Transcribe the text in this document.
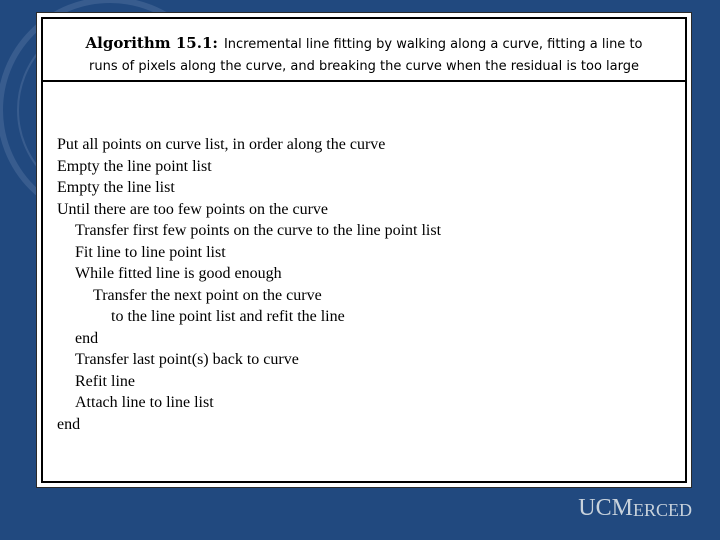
Algorithm 15.1: Incremental line fitting by walking along a curve, fitting a line to
runs of pixels along the curve, and breaking the curve when the residual is too large
Put all points on curve list, in order along the curve
Empty the line point list
Empty the line list
Until there are too few points on the curve
Transfer first few points on the curve to the line point list
Fit line to line point list
While fitted line is good enough
Transfer the next point on the curve
to the line point list and refit the line
end
Transfer last point(s) back to curve
Refit line
Attach line to line list
end
UC M ERCED
